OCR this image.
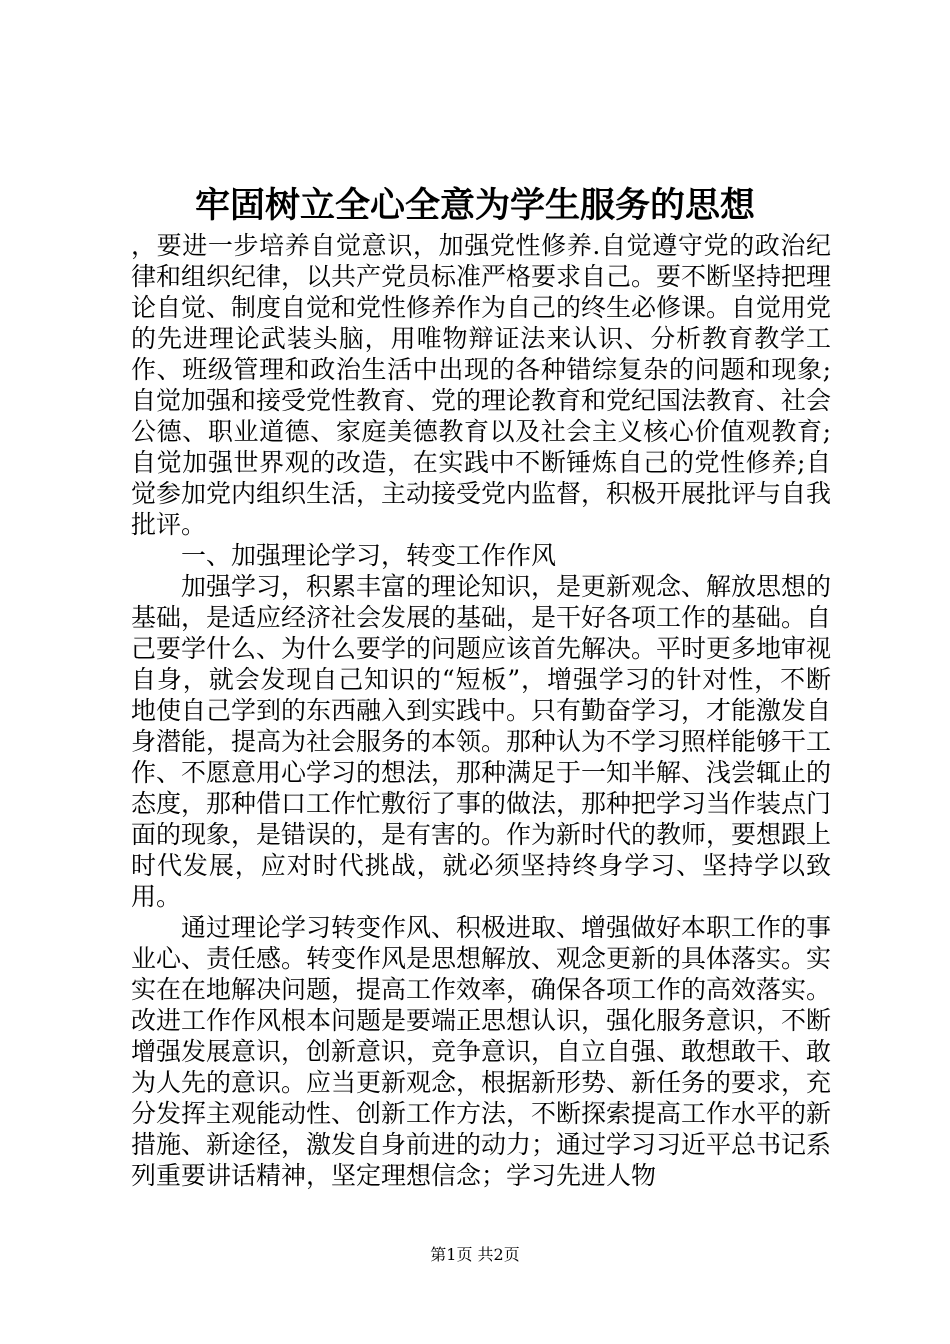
牢固树立全心全意为学生服务的思想

，要进一步培养自觉意识，加强党性修养.自觉遵守党的政治纪律和组织纪律，以共产党员标准严格要求自己。要不断坚持把理论自觉、制度自觉和党性修养作为自己的终生必修课。自觉用党的先进理论武装头脑，用唯物辩证法来认识、分析教育教学工作、班级管理和政治生活中出现的各种错综复杂的问题和现象;自觉加强和接受党性教育、党的理论教育和党纪国法教育、社会公德、职业道德、家庭美德教育以及社会主义核心价值观教育;自觉加强世界观的改造，在实践中不断锤炼自己的党性修养;自觉参加党内组织生活，主动接受党内监督，积极开展批评与自我批评。

一、加强理论学习，转变工作作风

加强学习，积累丰富的理论知识，是更新观念、解放思想的基础，是适应经济社会发展的基础，是干好各项工作的基础。自己要学什么、为什么要学的问题应该首先解决。平时更多地审视自身，就会发现自己知识的“短板”，增强学习的针对性，不断地使自己学到的东西融入到实践中。只有勤奋学习，才能激发自身潜能，提高为社会服务的本领。那种认为不学习照样能够干工作、不愿意用心学习的想法，那种满足于一知半解、浅尝辄止的态度，那种借口工作忙敷衍了事的做法，那种把学习当作装点门面的现象，是错误的，是有害的。作为新时代的教师，要想跟上时代发展，应对时代挑战，就必须坚持终身学习、坚持学以致用。

通过理论学习转变作风、积极进取、增强做好本职工作的事业心、责任感。转变作风是思想解放、观念更新的具体落实。实实在在地解决问题，提高工作效率，确保各项工作的高效落实。改进工作作风根本问题是要端正思想认识，强化服务意识，不断增强发展意识，创新意识，竞争意识，自立自强、敢想敢干、敢为人先的意识。应当更新观念，根据新形势、新任务的要求，充分发挥主观能动性、创新工作方法，不断探索提高工作水平的新措施、新途径，激发自身前进的动力；通过学习习近平总书记系列重要讲话精神，坚定理想信念；学习先进人物

第1页 共2页
